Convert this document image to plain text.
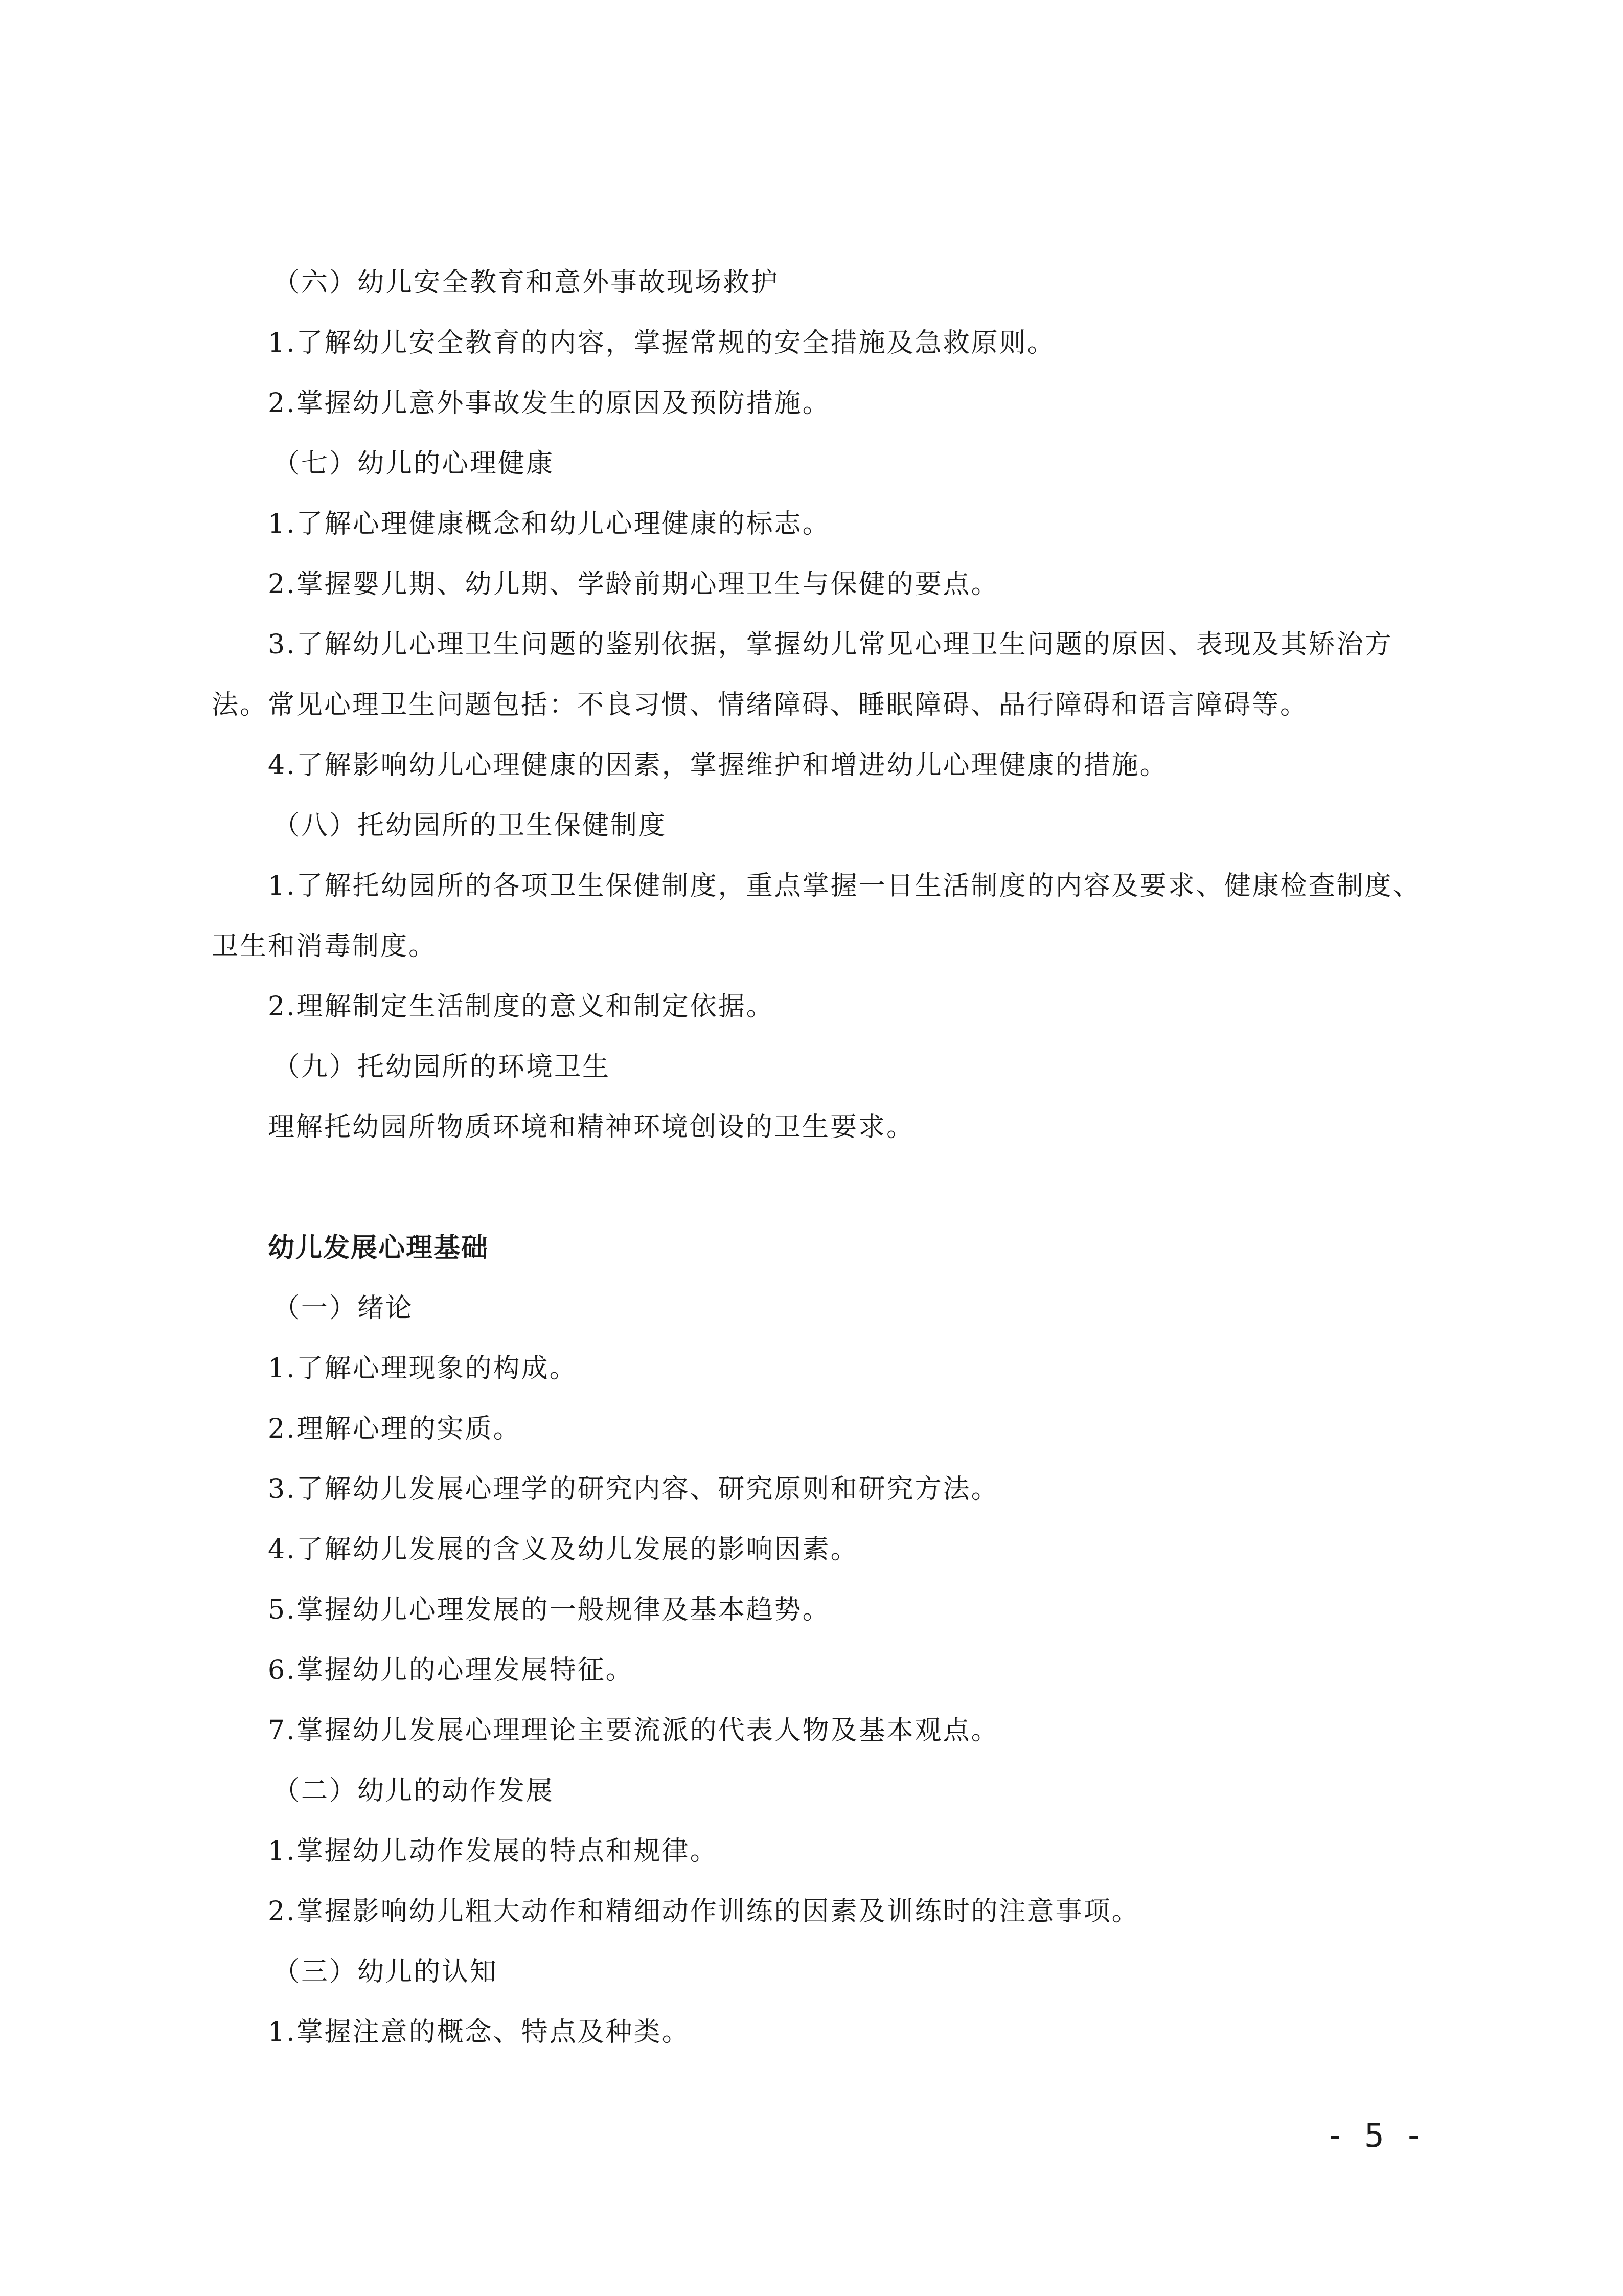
（六）幼儿安全教育和意外事故现场救护
1.了解幼儿安全教育的内容，掌握常规的安全措施及急救原则。
2.掌握幼儿意外事故发生的原因及预防措施。
（七）幼儿的心理健康
1.了解心理健康概念和幼儿心理健康的标志。
2.掌握婴儿期、幼儿期、学龄前期心理卫生与保健的要点。
3.了解幼儿心理卫生问题的鉴别依据，掌握幼儿常见心理卫生问题的原因、表现及其矫治方
法。常见心理卫生问题包括：不良习惯、情绪障碍、睡眠障碍、品行障碍和语言障碍等。
4.了解影响幼儿心理健康的因素，掌握维护和增进幼儿心理健康的措施。
（八）托幼园所的卫生保健制度
1.了解托幼园所的各项卫生保健制度，重点掌握一日生活制度的内容及要求、健康检查制度、
卫生和消毒制度。
2.理解制定生活制度的意义和制定依据。
（九）托幼园所的环境卫生
理解托幼园所物质环境和精神环境创设的卫生要求。
幼儿发展心理基础
（一）绪论
1.了解心理现象的构成。
2.理解心理的实质。
3.了解幼儿发展心理学的研究内容、研究原则和研究方法。
4.了解幼儿发展的含义及幼儿发展的影响因素。
5.掌握幼儿心理发展的一般规律及基本趋势。
6.掌握幼儿的心理发展特征。
7.掌握幼儿发展心理理论主要流派的代表人物及基本观点。
（二）幼儿的动作发展
1.掌握幼儿动作发展的特点和规律。
2.掌握影响幼儿粗大动作和精细动作训练的因素及训练时的注意事项。
（三）幼儿的认知
1.掌握注意的概念、特点及种类。
- 5 -
